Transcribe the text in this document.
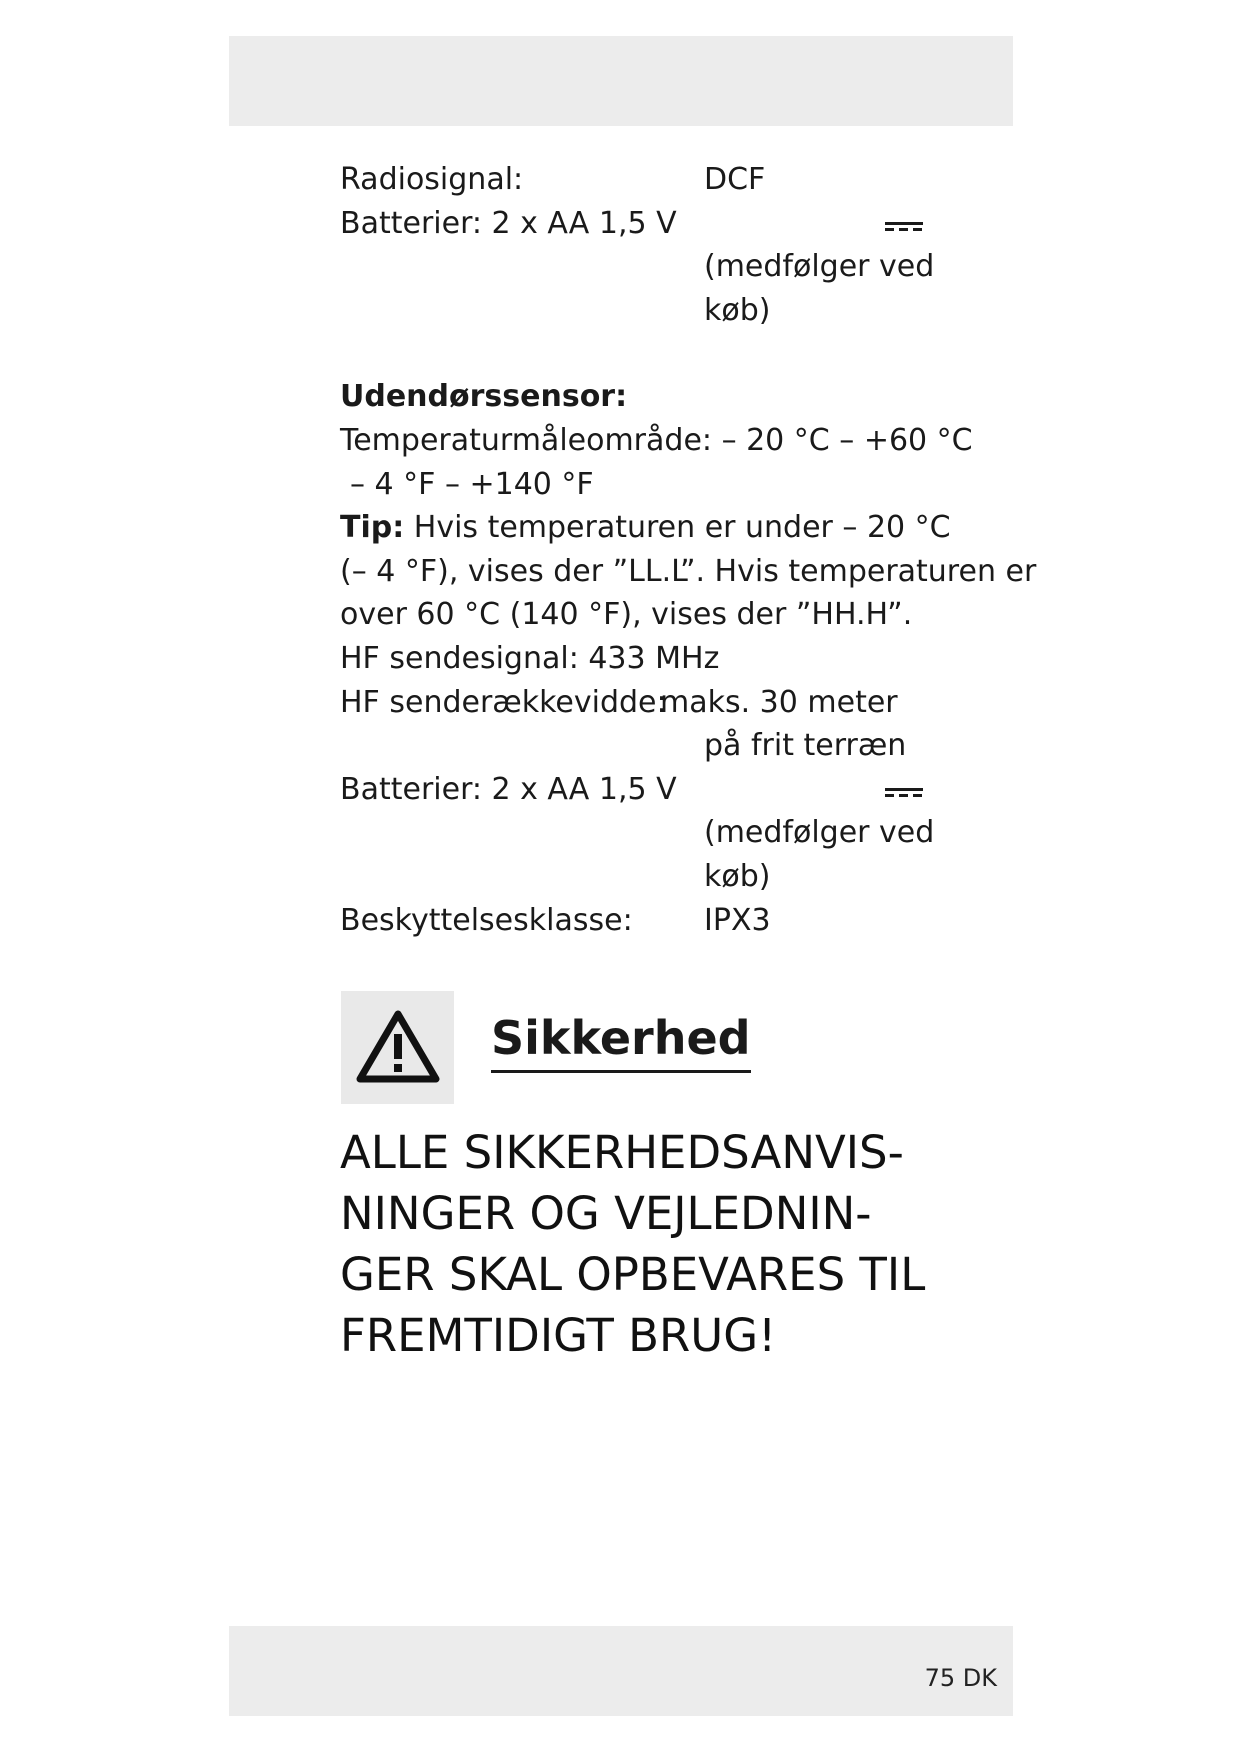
Radiosignal:	DCF
Batterier: 2 x AA 1,5 V
(medfølger ved
køb)
Udendørssensor:
Temperaturmåleområde: – 20 °C – +60 °C
– 4 °F – +140 °F
Tip: Hvis temperaturen er under – 20 °C
(– 4 °F), vises der ”LL.L”. Hvis temperaturen er
over 60 °C (140 °F), vises der ”HH.H”.
HF sendesignal: 433 MHz
HF senderækkevidde:
maks. 30 meter
på frit terræn
Batterier: 2 x AA 1,5 V
(medfølger ved
køb)
Beskyttelsesklasse: IPX3
Sikkerhed
ALLE SIKKERHEDSANVIS-
NINGER OG VEJLEDNIN-
GER SKAL OPBEVARES TIL
FREMTIDIGT BRUG!
75 DK
